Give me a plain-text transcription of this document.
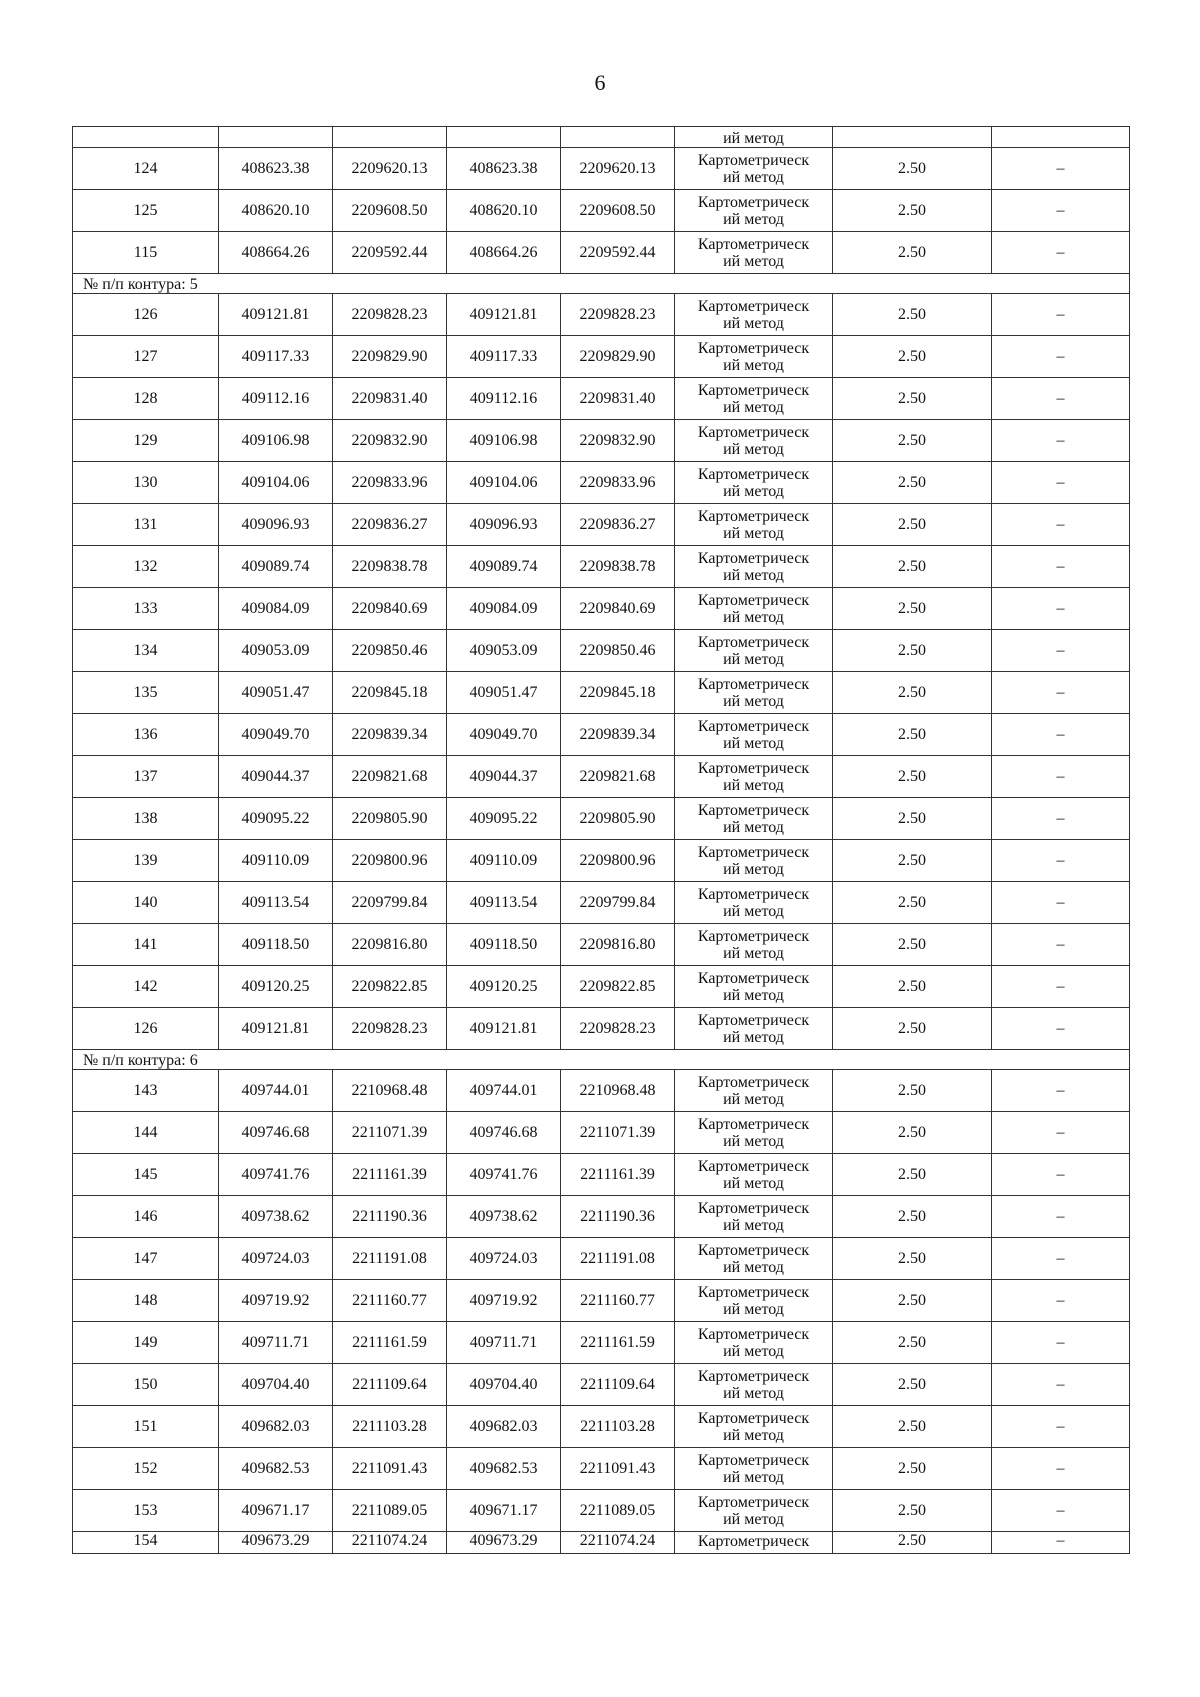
6
					ий метод		
124	408623.38	2209620.13	408623.38	2209620.13	Картометрическ
ий метод	2.50	–
125	408620.10	2209608.50	408620.10	2209608.50	Картометрическ
ий метод	2.50	–
115	408664.26	2209592.44	408664.26	2209592.44	Картометрическ
ий метод	2.50	–
№ п/п контура: 5							
126	409121.81	2209828.23	409121.81	2209828.23	Картометрическ
ий метод	2.50	–
127	409117.33	2209829.90	409117.33	2209829.90	Картометрическ
ий метод	2.50	–
128	409112.16	2209831.40	409112.16	2209831.40	Картометрическ
ий метод	2.50	–
129	409106.98	2209832.90	409106.98	2209832.90	Картометрическ
ий метод	2.50	–
130	409104.06	2209833.96	409104.06	2209833.96	Картометрическ
ий метод	2.50	–
131	409096.93	2209836.27	409096.93	2209836.27	Картометрическ
ий метод	2.50	–
132	409089.74	2209838.78	409089.74	2209838.78	Картометрическ
ий метод	2.50	–
133	409084.09	2209840.69	409084.09	2209840.69	Картометрическ
ий метод	2.50	–
134	409053.09	2209850.46	409053.09	2209850.46	Картометрическ
ий метод	2.50	–
135	409051.47	2209845.18	409051.47	2209845.18	Картометрическ
ий метод	2.50	–
136	409049.70	2209839.34	409049.70	2209839.34	Картометрическ
ий метод	2.50	–
137	409044.37	2209821.68	409044.37	2209821.68	Картометрическ
ий метод	2.50	–
138	409095.22	2209805.90	409095.22	2209805.90	Картометрическ
ий метод	2.50	–
139	409110.09	2209800.96	409110.09	2209800.96	Картометрическ
ий метод	2.50	–
140	409113.54	2209799.84	409113.54	2209799.84	Картометрическ
ий метод	2.50	–
141	409118.50	2209816.80	409118.50	2209816.80	Картометрическ
ий метод	2.50	–
142	409120.25	2209822.85	409120.25	2209822.85	Картометрическ
ий метод	2.50	–
126	409121.81	2209828.23	409121.81	2209828.23	Картометрическ
ий метод	2.50	–
№ п/п контура: 6							
143	409744.01	2210968.48	409744.01	2210968.48	Картометрическ
ий метод	2.50	–
144	409746.68	2211071.39	409746.68	2211071.39	Картометрическ
ий метод	2.50	–
145	409741.76	2211161.39	409741.76	2211161.39	Картометрическ
ий метод	2.50	–
146	409738.62	2211190.36	409738.62	2211190.36	Картометрическ
ий метод	2.50	–
147	409724.03	2211191.08	409724.03	2211191.08	Картометрическ
ий метод	2.50	–
148	409719.92	2211160.77	409719.92	2211160.77	Картометрическ
ий метод	2.50	–
149	409711.71	2211161.59	409711.71	2211161.59	Картометрическ
ий метод	2.50	–
150	409704.40	2211109.64	409704.40	2211109.64	Картометрическ
ий метод	2.50	–
151	409682.03	2211103.28	409682.03	2211103.28	Картометрическ
ий метод	2.50	–
152	409682.53	2211091.43	409682.53	2211091.43	Картометрическ
ий метод	2.50	–
153	409671.17	2211089.05	409671.17	2211089.05	Картометрическ
ий метод	2.50	–
154	409673.29	2211074.24	409673.29	2211074.24	Картометрическ	2.50	–
